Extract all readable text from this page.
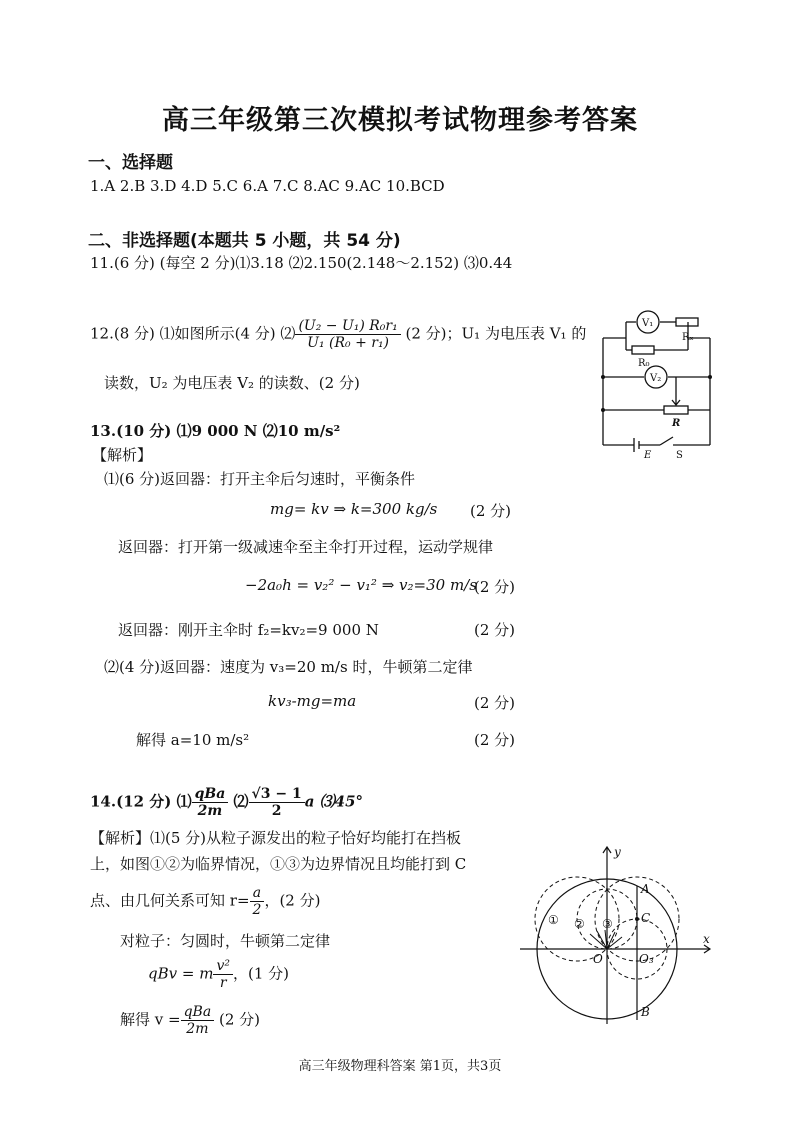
高三年级第三次模拟考试物理参考答案
一、选择题
1.A 2.B 3.D 4.D 5.C 6.A 7.C 8.AC 9.AC 10.BCD
二、非选择题(本题共 5 小题，共 54 分)
11.(6 分) (每空 2 分)⑴3.18 ⑵2.150(2.148～2.152) ⑶0.44
12.(8 分) ⑴如图所示(4 分) ⑵ $\frac{\text{(U₂ − U₁) R₀r₁}}{\text{U₁ (R₀ + r₁)}} (2$ 分)；U₁ 为电压表 V₁ 的
读数，U₂ 为电压表 V₂ 的读数、(2 分)
V₁
V₂
R₀
Rₓ
R
E S
13.(10 分) ⑴9 000 N ⑵10 m/s²
【解析】
⑴(6 分)返回器：打开主伞后匀速时，平衡条件
mg= kv ⇒ k=300 kg/s (2 分)
返回器：打开第一级减速伞至主伞打开过程，运动学规律
−2a₀h = v₂² − v₁² ⇒ v₂=30 m/s
(2 分)
返回器：刚开主伞时 f₂=kv₂=9 000 N	(2 分)
⑵(4 分)返回器：速度为 v₃=20 m/s 时，牛顿第二定律
kv₃-mg=ma	(2 分)
解得 a=10 m/s²	(2 分)
14.(12 分) ⑴ $\frac{\text{qBa}}{2m}$ ⑵ $\frac{√3 - 1}{2}$ a ⑶45°
【解析】⑴(5 分)从粒子源发出的粒子恰好均能打在挡板
上，如图①②为临界情况，①③为边界情况且均能打到 C
点、由几何关系可知 $r= \frac{a}{2}$ ，(2 分)
对粒子：匀圆时，牛顿第二定律
qBv = m $\frac{\text{v²}}{r}$ ，(1 分)
解得 $v = \frac{\text{qBa}}{2m} (2$ 分)
y
x
A
B
C
O	O₃
① ② ③
高三年级物理科答案 第1页，共3页
